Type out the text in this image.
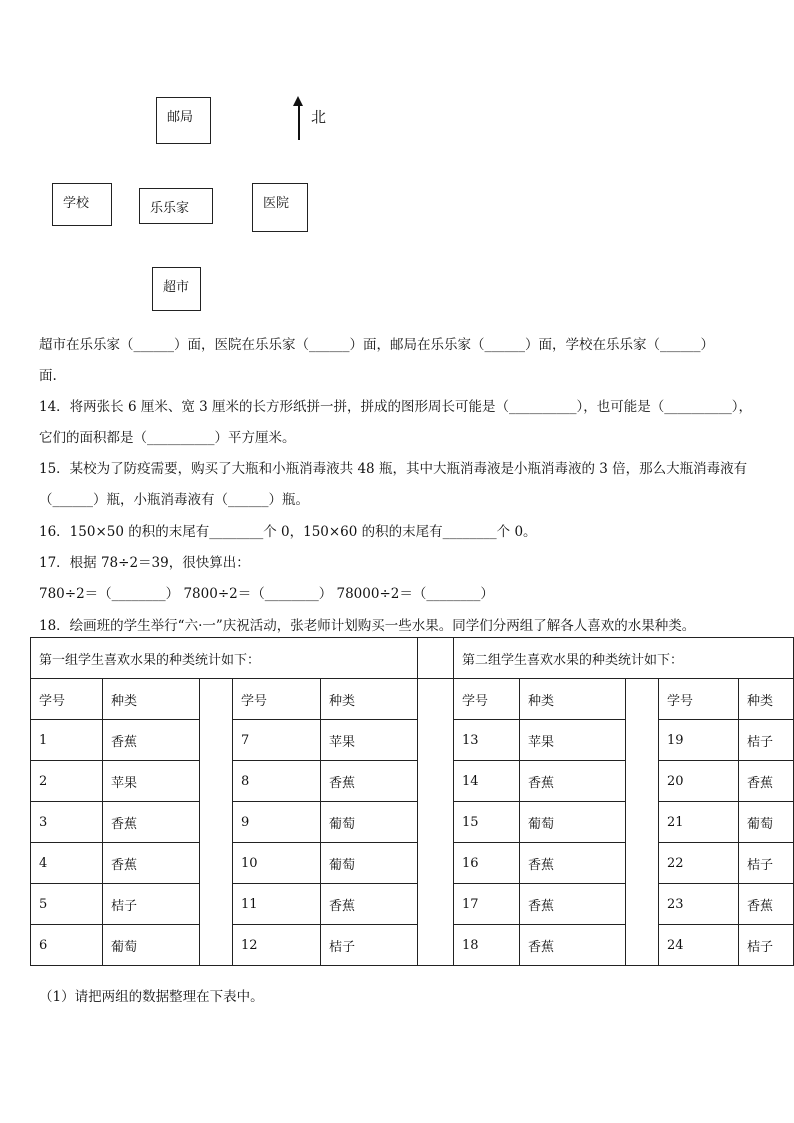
邮局	北
学校	乐乐家	医院
超市
超市在乐乐家（______）面，医院在乐乐家（______）面，邮局在乐乐家（______）面，学校在乐乐家（______）
面.
14．将两张长 6 厘米、宽 3 厘米的长方形纸拼一拼，拼成的图形周长可能是（__________），也可能是（__________），
它们的面积都是（__________）平方厘米。
15．某校为了防疫需要，购买了大瓶和小瓶消毒液共 48 瓶，其中大瓶消毒液是小瓶消毒液的 3 倍，那么大瓶消毒液有
（______）瓶，小瓶消毒液有（______）瓶。
16．150×50 的积的末尾有________个 0，150×60 的积的末尾有________个 0。
17．根据 78÷2＝39，很快算出：
780÷2＝（________） 7800÷2＝（________） 78000÷2＝（________）
18．绘画班的学生举行“六·一”庆祝活动，张老师计划购买一些水果。同学们分两组了解各人喜欢的水果种类。
第一组学生喜欢水果的种类统计如下：						第二组学生喜欢水果的种类统计如下：				
学号	种类		学号	种类		学号	种类		学号	种类
1	香蕉		7	苹果		13	苹果		19	桔子
2	苹果		8	香蕉		14	香蕉		20	香蕉
3	香蕉		9	葡萄		15	葡萄		21	葡萄
4	香蕉		10	葡萄		16	香蕉		22	桔子
5	桔子		11	香蕉		17	香蕉		23	香蕉
6	葡萄		12	桔子		18	香蕉		24	桔子
（1）请把两组的数据整理在下表中。
